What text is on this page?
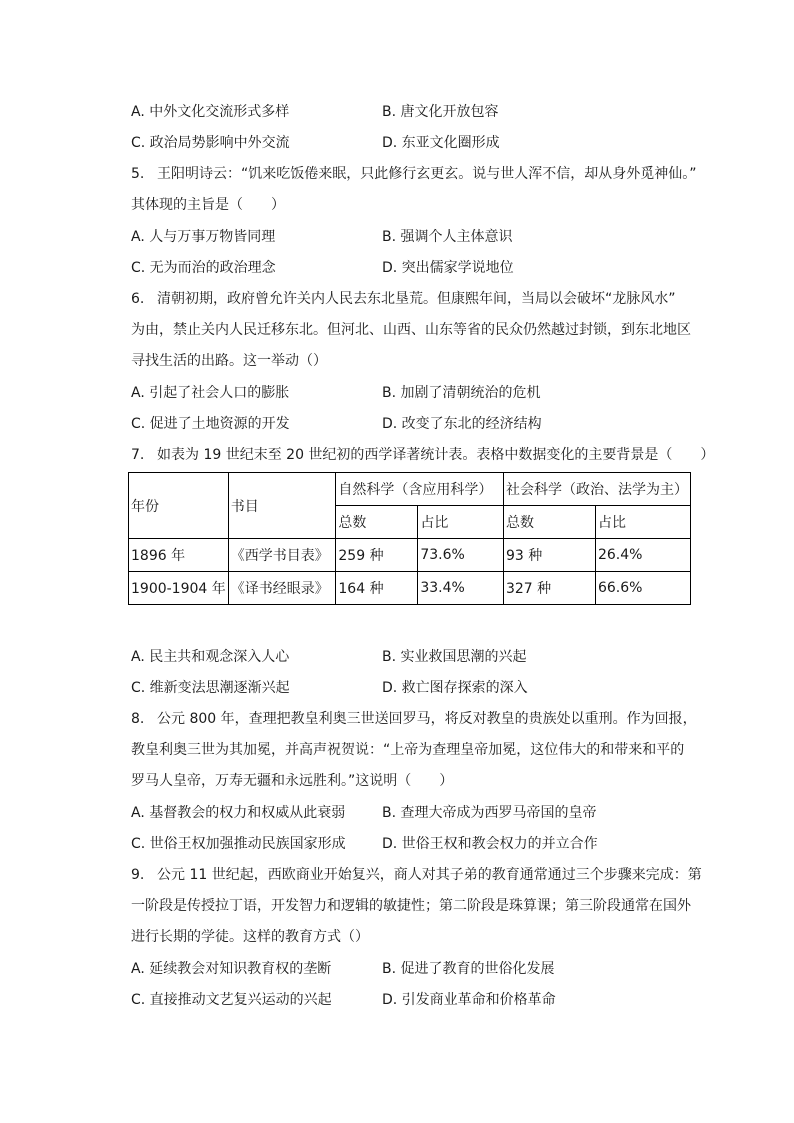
A. 中外文化交流形式多样	B. 唐文化开放包容
C. 政治局势影响中外交流	D. 东亚文化圈形成
5. 王阳明诗云：“饥来吃饭倦来眠，只此修行玄更玄。说与世人浑不信，却从身外觅神仙。”
其体现的主旨是（　　）
A. 人与万事万物皆同理	B. 强调个人主体意识
C. 无为而治的政治理念	D. 突出儒家学说地位
6. 清朝初期，政府曾允许关内人民去东北垦荒。但康熙年间，当局以会破坏“龙脉风水”
为由，禁止关内人民迁移东北。但河北、山西、山东等省的民众仍然越过封锁，到东北地区
寻找生活的出路。这一举动（）
A. 引起了社会人口的膨胀	B. 加剧了清朝统治的危机
C. 促进了土地资源的开发	D. 改变了东北的经济结构
7. 如表为 19 世纪末至 20 世纪初的西学译著统计表。表格中数据变化的主要背景是（　　）
年份	书目	自然科学（含应用科学）		社会科学（政治、法学为主）	
		总数	占比	总数	占比
1896 年	《西学书目表》	259 种	73.6%	93 种	26.4%
1900-1904 年	《译书经眼录》	164 种	33.4%	327 种	66.6%
A. 民主共和观念深入人心	B. 实业救国思潮的兴起
C. 维新变法思潮逐渐兴起	D. 救亡图存探索的深入
8. 公元 800 年，查理把教皇利奥三世送回罗马，将反对教皇的贵族处以重刑。作为回报，
教皇利奥三世为其加冕，并高声祝贺说：“上帝为查理皇帝加冕，这位伟大的和带来和平的
罗马人皇帝，万寿无疆和永远胜利。”这说明（　　）
A. 基督教会的权力和权威从此衰弱	B. 查理大帝成为西罗马帝国的皇帝
C. 世俗王权加强推动民族国家形成	D. 世俗王权和教会权力的并立合作
9. 公元 11 世纪起，西欧商业开始复兴，商人对其子弟的教育通常通过三个步骤来完成：第
一阶段是传授拉丁语，开发智力和逻辑的敏捷性；第二阶段是珠算课；第三阶段通常在国外
进行长期的学徒。这样的教育方式（）
A. 延续教会对知识教育权的垄断	B. 促进了教育的世俗化发展
C. 直接推动文艺复兴运动的兴起	D. 引发商业革命和价格革命
